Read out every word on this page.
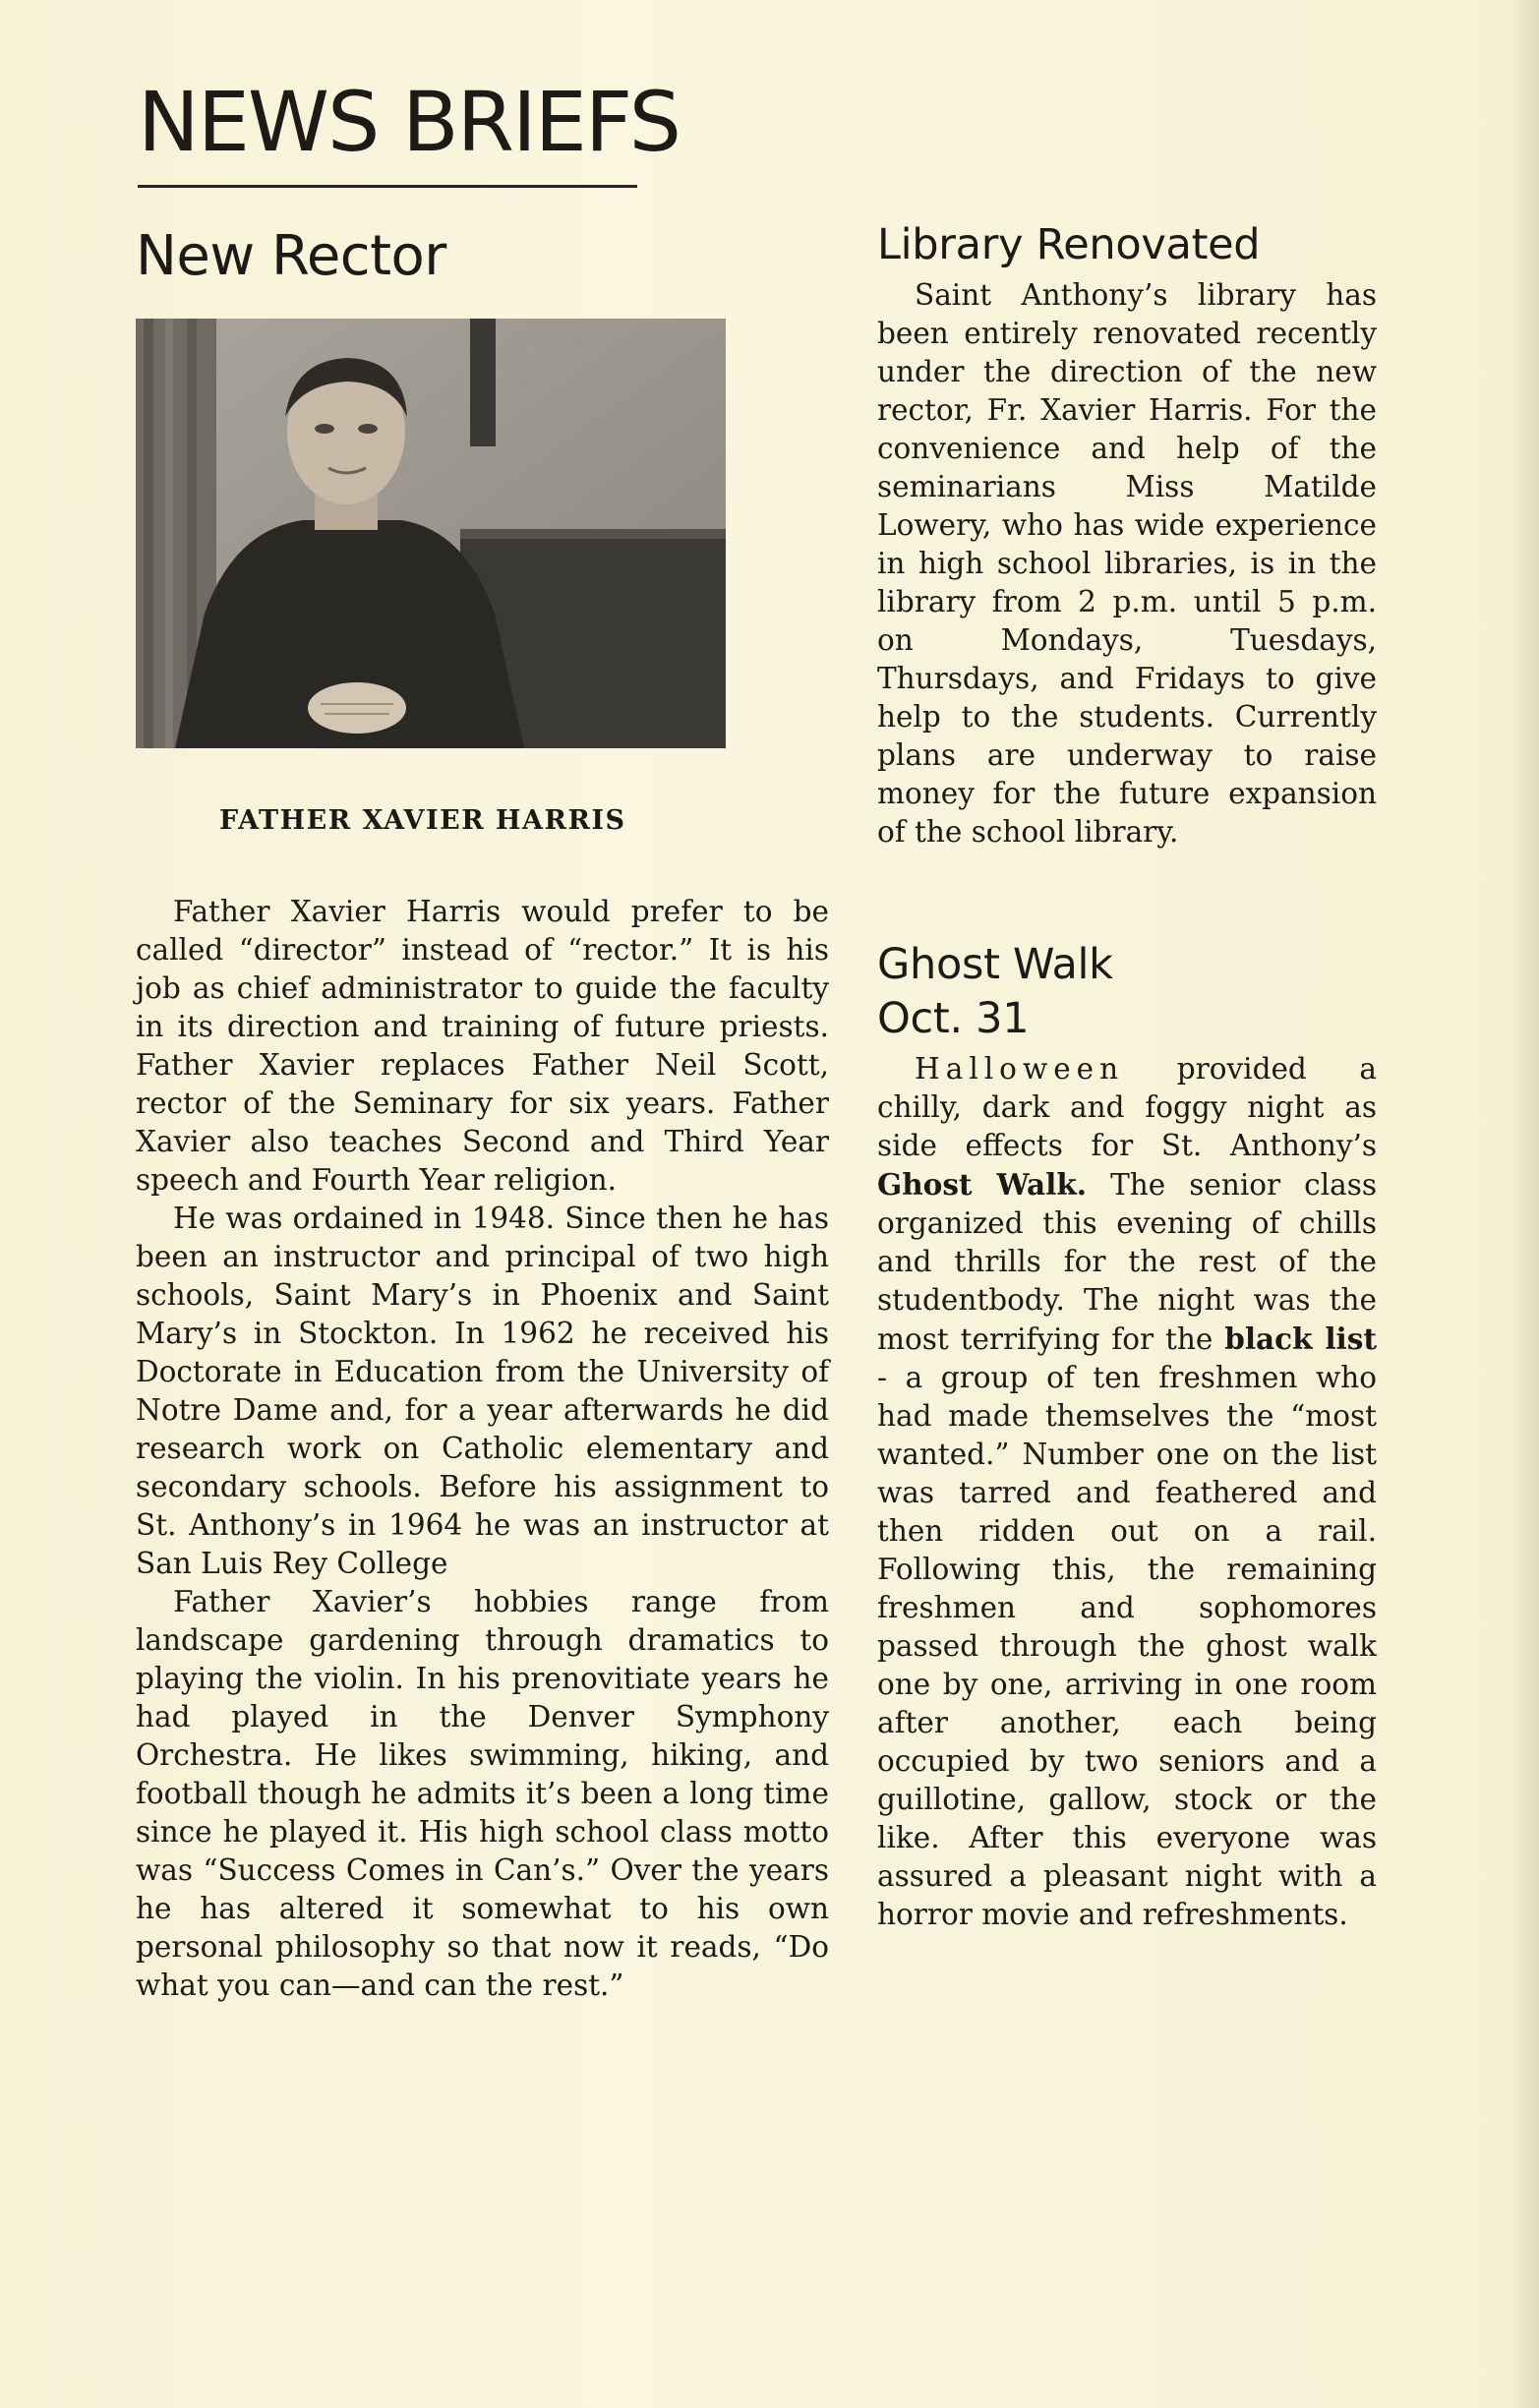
NEWS BRIEFS
New Rector
FATHER XAVIER HARRIS

Father Xavier Harris would prefer to be called “director” instead of “rector.” It is his job as chief administrator to guide the faculty in its direction and training of future priests. Father Xavier replaces Father Neil Scott, rector of the Seminary for six years. Father Xavier also teaches Second and Third Year speech and Fourth Year religion.

He was ordained in 1948. Since then he has been an instructor and principal of two high schools, Saint Mary’s in Phoenix and Saint Mary’s in Stockton. In 1962 he received his Doctorate in Education from the University of Notre Dame and, for a year afterwards he did research work on Catholic elementary and secondary schools. Before his assignment to St. Anthony’s in 1964 he was an instructor at San Luis Rey College

Father Xavier’s hobbies range from landscape gardening through dramatics to playing the violin. In his prenovitiate years he had played in the Denver Symphony Orchestra. He likes swimming, hiking, and football though he admits it’s been a long time since he played it. His high school class motto was “Success Comes in Can’s.” Over the years he has altered it somewhat to his own personal philosophy so that now it reads, “Do what you can—and can the rest.”

Library Renovated

Saint Anthony’s library has been entirely renovated recently under the direction of the new rector, Fr. Xavier Harris. For the convenience and help of the seminarians Miss Matilde Lowery, who has wide experience in high school libraries, is in the library from 2 p.m. until 5 p.m. on Mondays, Tuesdays, Thursdays, and Fridays to give help to the students. Currently plans are underway to raise money for the future expansion of the school library.

Ghost Walk
Oct. 31

Halloween provided a chilly, dark and foggy night as side effects for St. Anthony’s Ghost Walk. The senior class organized this evening of chills and thrills for the rest of the studentbody. The night was the most terrifying for the black list - a group of ten freshmen who had made themselves the “most wanted.” Number one on the list was tarred and feathered and then ridden out on a rail. Following this, the remaining freshmen and sophomores passed through the ghost walk one by one, arriving in one room after another, each being occupied by two seniors and a guillotine, gallow, stock or the like. After this everyone was assured a pleasant night with a horror movie and refreshments.
